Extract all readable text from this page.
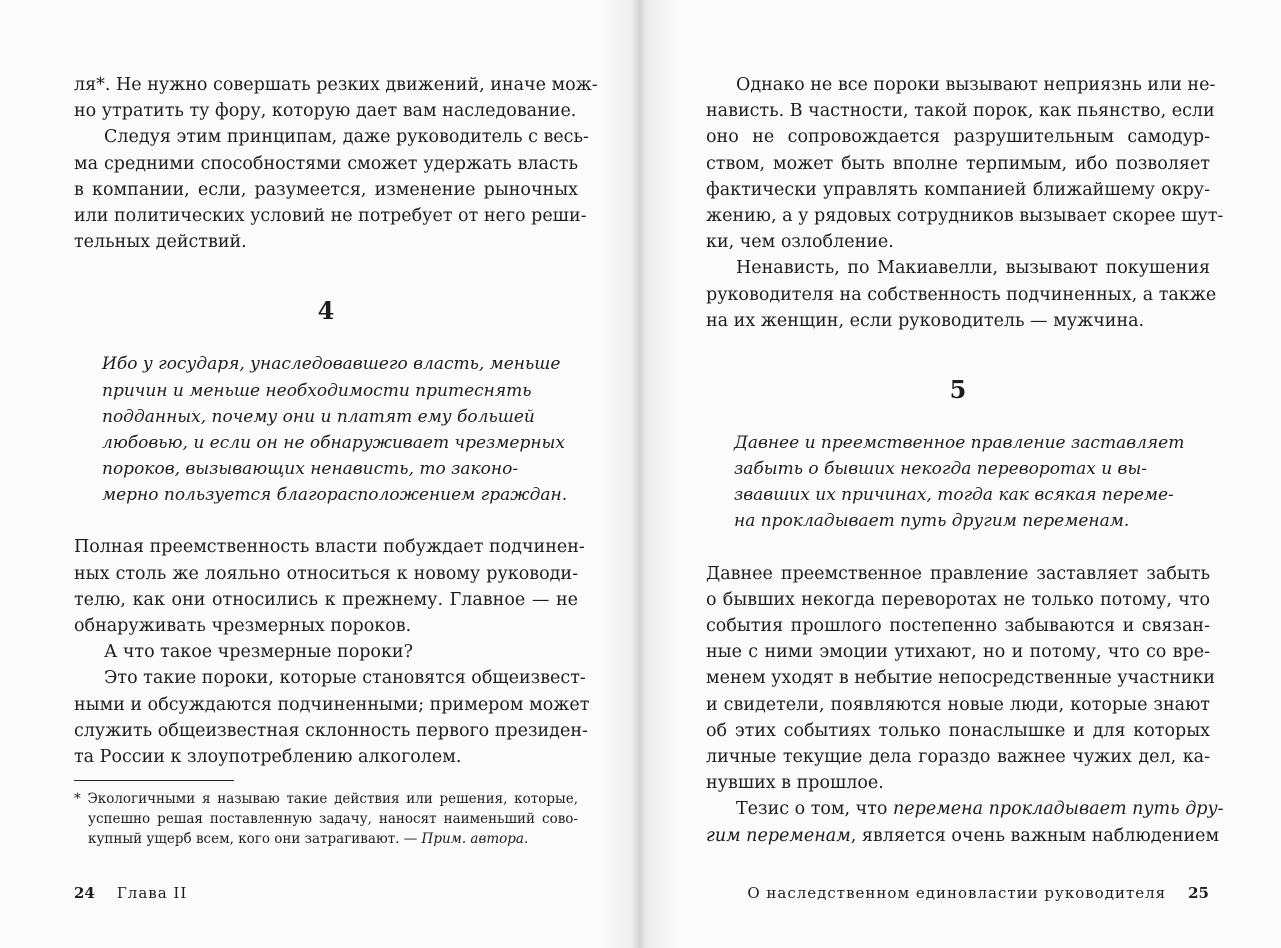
ля*. Не нужно совершать резких движений, иначе мож-
но утратить ту фору, которую дает вам наследование.
Следуя этим принципам, даже руководитель с весь-
ма средними способностями сможет удержать власть
в компании, если, разумеется, изменение рыночных
или политических условий не потребует от него реши-
тельных действий.
4
Ибо у государя, унаследовавшего власть, меньше
причин и меньше необходимости притеснять
подданных, почему они и платят ему большей
любовью, и если он не обнаруживает чрезмерных
пороков, вызывающих ненависть, то законо-
мерно пользуется благорасположением граждан.
Полная преемственность власти побуждает подчинен-
ных столь же лояльно относиться к новому руководи-
телю, как они относились к прежнему. Главное — не
обнаруживать чрезмерных пороков.
А что такое чрезмерные пороки?
Это такие пороки, которые становятся общеизвест-
ными и обсуждаются подчиненными; примером может
служить общеизвестная склонность первого президен-
та России к злоупотреблению алкоголем.
* Экологичными я называю такие действия или решения, которые,
успешно решая поставленную задачу, наносят наименьший сово-
купный ущерб всем, кого они затрагивают. — Прим. автора.
24 Глава II
Однако не все пороки вызывают неприязнь или не-
нависть. В частности, такой порок, как пьянство, если
оно не сопровождается разрушительным самодур-
ством, может быть вполне терпимым, ибо позволяет
фактически управлять компанией ближайшему окру-
жению, а у рядовых сотрудников вызывает скорее шут-
ки, чем озлобление.
Ненависть, по Макиавелли, вызывают покушения
руководителя на собственность подчиненных, а также
на их женщин, если руководитель — мужчина.
5
Давнее и преемственное правление заставляет
забыть о бывших некогда переворотах и вы-
звавших их причинах, тогда как всякая переме-
на прокладывает путь другим переменам.
Давнее преемственное правление заставляет забыть
о бывших некогда переворотах не только потому, что
события прошлого постепенно забываются и связан-
ные с ними эмоции утихают, но и потому, что со вре-
менем уходят в небытие непосредственные участники
и свидетели, появляются новые люди, которые знают
об этих событиях только понаслышке и для которых
личные текущие дела гораздо важнее чужих дел, ка-
нувших в прошлое.
Тезис о том, что перемена прокладывает путь дру-
гим переменам, является очень важным наблюдением
О наследственном единовластии руководителя 25
